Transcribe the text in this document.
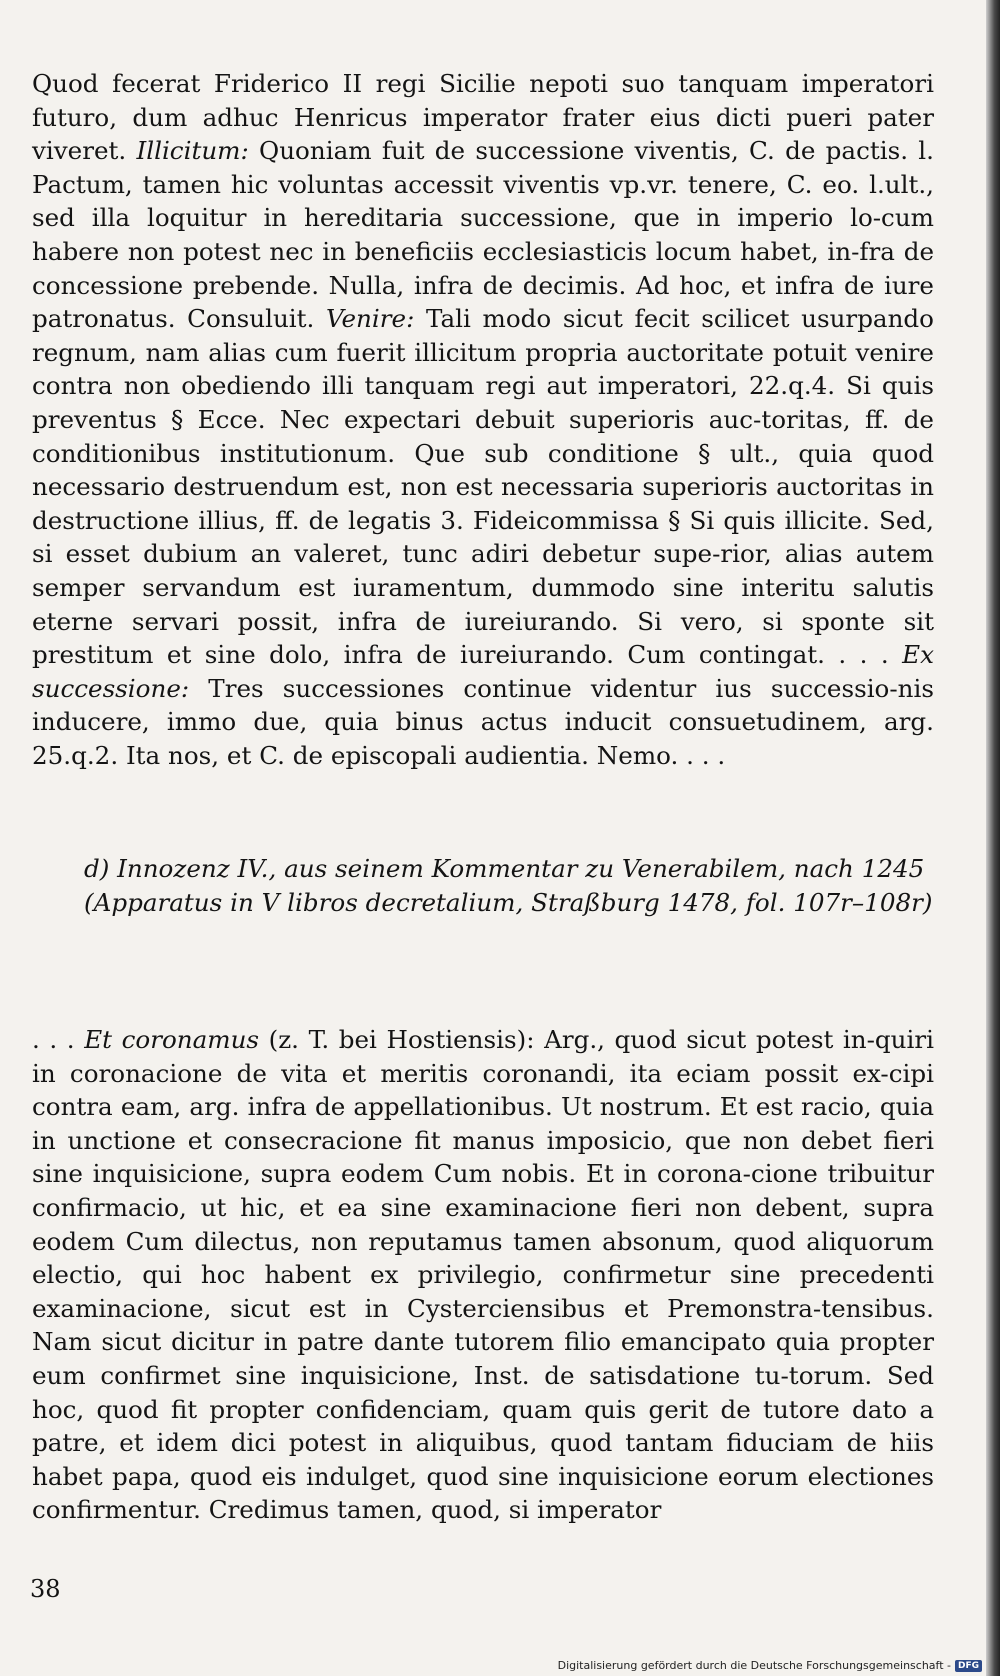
Quod fecerat Friderico II regi Sicilie nepoti suo tanquam imperatori futuro, dum adhuc Henricus imperator frater eius dicti pueri pater viveret. Illicitum: Quoniam fuit de successione viventis, C. de pactis. l. Pactum, tamen hic voluntas accessit viventis vp.vr. tenere, C. eo. l.ult., sed illa loquitur in hereditaria successione, que in imperio lo-cum habere non potest nec in beneficiis ecclesiasticis locum habet, in-fra de concessione prebende. Nulla, infra de decimis. Ad hoc, et infra de iure patronatus. Consuluit. Venire: Tali modo sicut fecit scilicet usurpando regnum, nam alias cum fuerit illicitum propria auctoritate potuit venire contra non obediendo illi tanquam regi aut imperatori, 22.q.4. Si quis preventus § Ecce. Nec expectari debuit superioris auc-toritas, ff. de conditionibus institutionum. Que sub conditione § ult., quia quod necessario destruendum est, non est necessaria superioris auctoritas in destructione illius, ff. de legatis 3. Fideicommissa § Si quis illicite. Sed, si esset dubium an valeret, tunc adiri debetur supe-rior, alias autem semper servandum est iuramentum, dummodo sine interitu salutis eterne servari possit, infra de iureiurando. Si vero, si sponte sit prestitum et sine dolo, infra de iureiurando. Cum contingat. . . . Ex successione: Tres successiones continue videntur ius successio-nis inducere, immo due, quia binus actus inducit consuetudinem, arg. 25.q.2. Ita nos, et C. de episcopali audientia. Nemo. . . .

d) Innozenz IV., aus seinem Kommentar zu Venerabilem, nach 1245

(Apparatus in V libros decretalium, Straßburg 1478, fol. 107r–108r)

. . . Et coronamus (z. T. bei Hostiensis): Arg., quod sicut potest in-quiri in coronacione de vita et meritis coronandi, ita eciam possit ex-cipi contra eam, arg. infra de appellationibus. Ut nostrum. Et est racio, quia in unctione et consecracione fit manus imposicio, que non debet fieri sine inquisicione, supra eodem Cum nobis. Et in corona-cione tribuitur confirmacio, ut hic, et ea sine examinacione fieri non debent, supra eodem Cum dilectus, non reputamus tamen absonum, quod aliquorum electio, qui hoc habent ex privilegio, confirmetur sine precedenti examinacione, sicut est in Cysterciensibus et Premonstra-tensibus. Nam sicut dicitur in patre dante tutorem filio emancipato quia propter eum confirmet sine inquisicione, Inst. de satisdatione tu-torum. Sed hoc, quod fit propter confidenciam, quam quis gerit de tutore dato a patre, et idem dici potest in aliquibus, quod tantam fiduciam de hiis habet papa, quod eis indulget, quod sine inquisicione eorum electiones confirmentur. Credimus tamen, quod, si imperator

38
Digitalisierung gefördert durch die Deutsche Forschungsgemeinschaft - DFG
